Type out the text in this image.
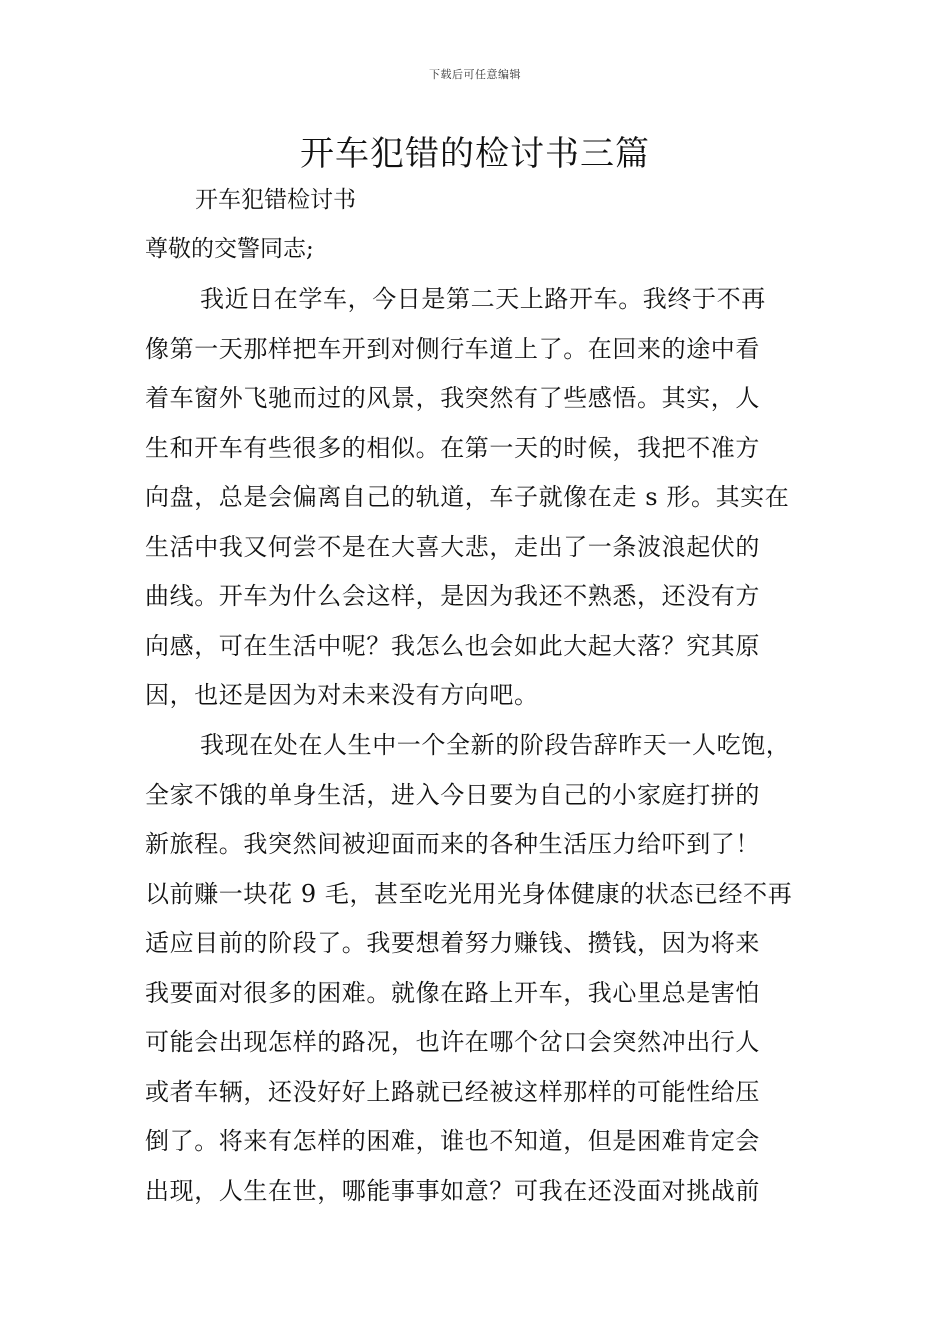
下载后可任意编辑
开车犯错的检讨书三篇
开车犯错检讨书
尊敬的交警同志;
我近日在学车，今日是第二天上路开车。我终于不再
像第一天那样把车开到对侧行车道上了。在回来的途中看
着车窗外飞驰而过的风景，我突然有了些感悟。其实，人
生和开车有些很多的相似。在第一天的时候，我把不准方
向盘，总是会偏离自己的轨道，车子就像在走 s 形。其实在
生活中我又何尝不是在大喜大悲，走出了一条波浪起伏的
曲线。开车为什么会这样，是因为我还不熟悉，还没有方
向感，可在生活中呢？我怎么也会如此大起大落？究其原
因，也还是因为对未来没有方向吧。
我现在处在人生中一个全新的阶段告辞昨天一人吃饱，
全家不饿的单身生活，进入今日要为自己的小家庭打拼的
新旅程。我突然间被迎面而来的各种生活压力给吓到了！
以前赚一块花 9 毛，甚至吃光用光身体健康的状态已经不再
适应目前的阶段了。我要想着努力赚钱、攒钱，因为将来
我要面对很多的困难。就像在路上开车，我心里总是害怕
可能会出现怎样的路况，也许在哪个岔口会突然冲出行人
或者车辆，还没好好上路就已经被这样那样的可能性给压
倒了。将来有怎样的困难，谁也不知道，但是困难肯定会
出现，人生在世，哪能事事如意？可我在还没面对挑战前
